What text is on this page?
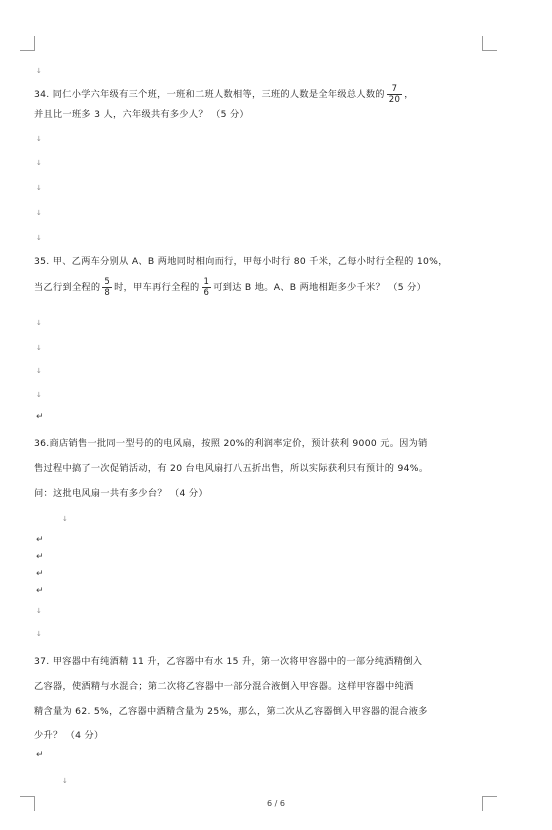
↓
34. 同仁小学六年级有三个班，一班和二班人数相等，三班的人数是全年级总人数的 $\frac{7}{20}$ ，
并且比一班多 3 人，六年级共有多少人？ （5 分）
↓
↓
↓
↓
↓
35. 甲、乙两车分别从 A、B 两地同时相向而行，甲每小时行 80 千米，乙每小时行全程的 10%，
当乙行到全程的 $\frac{5}{8}$ 时，甲车再行全程的 $\frac{1}{6}$ 可到达 B 地。A、B 两地相距多少千米？ （5 分）
↓
↓
↓
↓
↵
36.商店销售一批同一型号的的电风扇，按照 20%的利润率定价，预计获利 9000 元。因为销
售过程中搞了一次促销活动，有 20 台电风扇打八五折出售，所以实际获利只有预计的 94%。
问：这批电风扇一共有多少台？ （4 分）
↓
↵
↵
↵
↵
↓
↓
37. 甲容器中有纯酒精 11 升，乙容器中有水 15 升，第一次将甲容器中的一部分纯酒精倒入
乙容器，使酒精与水混合；第二次将乙容器中一部分混合液倒入甲容器。这样甲容器中纯酒
精含量为 62. 5%，乙容器中酒精含量为 25%，那么，第二次从乙容器倒入甲容器的混合液多
少升？ （4 分）
↵
↓
6 / 6
